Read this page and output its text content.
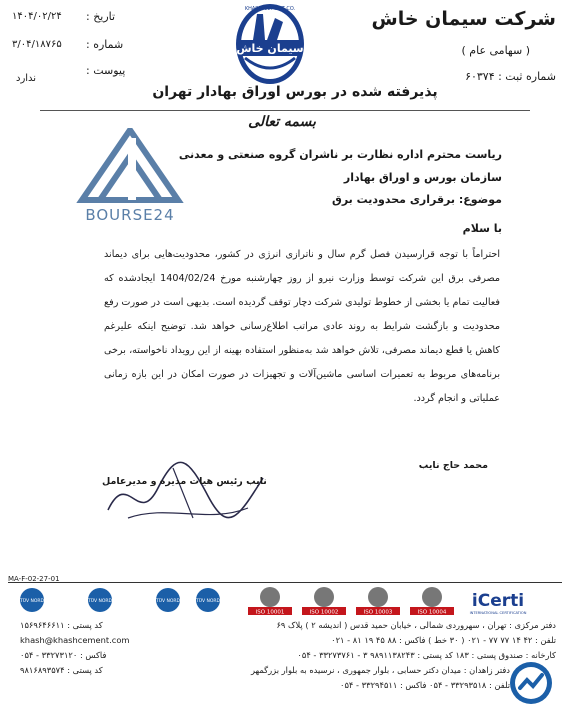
شرکت سیمان خاش
( سهامی عام )
شماره ثبت : ۶۰۳۷۴
تاریخ :
۱۴۰۴/۰۲/۲۴
شماره :
۳/۰۴/۱۸۷۶۵
پیوست :
ندارد
سیمان خاش
KHASH CEMENT CO.
پذیرفته شده در بورس اوراق بهادار تهران
بسمه تعالی
BOURSE24
ریاست محترم اداره نظارت بر ناشران گروه صنعتی و معدنی
سازمان بورس و اوراق بهادار
موضوع: برقراری محدودیت برق
با سلام
احتراماً با توجه قرارسیدن فصل گرم سال و ناترازی انرژی در کشور، محدودیت‌هایی برای دیماند مصرفی برق این شرکت توسط وزارت نیرو از روز چهارشنبه مورخ 1404/02/24 ایجادشده که فعالیت تمام یا بخشی از خطوط تولیدی شرکت دچار توقف گردیده است. بدیهی است در صورت رفع محدودیت و بازگشت شرایط به روند عادی مراتب اطلاع‌رسانی خواهد شد. توضیح اینکه علیرغم کاهش یا قطع دیماند مصرفی، تلاش خواهد شد به‌منظور استفاده بهینه از این رویداد ناخواسته، برخی برنامه‌های مربوط به تعمیرات اساسی ماشین‌آلات و تجهیزات در صورت امکان در این بازه زمانی عملیاتی و انجام گردد.
محمد حاج نایب
نایب رئیس هیات مدیره و مدیرعامل
MA-F-02-27-01
TÜV NORD	TÜV NORD	TÜV NORD	TÜV NORD
ISO 10001	ISO 10002	ISO 10003	ISO 10004
iCerti
INTERNATIONAL CERTIFICATION
دفتر مرکزی : تهران ، سهروردی شمالی ، خیابان حمید قدس ( اندیشه ۲ ) پلاک ۶۹
تلفن : ۴۲ ۱۴ ۷۷ ۷۷ - ۰۲۱ ( ۳۰ خط ) فاکس : ۸۸ ۴۵ ۱۹ ۸۱ - ۰۲۱
کارخانه : صندوق پستی : ۱۸۳ کد پستی : ۹۸۹۱۱۳۸۲۴۳ ۳ - ۳۳۲۷۳۷۶۱ - ۰۵۴
دفتر زاهدان : میدان دکتر حسابی ، بلوار جمهوری ، نرسیده به بلوار بزرگمهر
تلفن : ۳۳۲۹۳۵۱۸ - ۰۵۴ فاکس : ۳۳۲۹۴۵۱۱ - ۰۵۴
کد پستی : ۱۵۶۹۶۴۶۶۱۱
khash@khashcement.com
فاکس : ۳۳۲۷۳۱۲۰ - ۰۵۴
کد پستی : ۹۸۱۶۸۹۳۵۷۴
